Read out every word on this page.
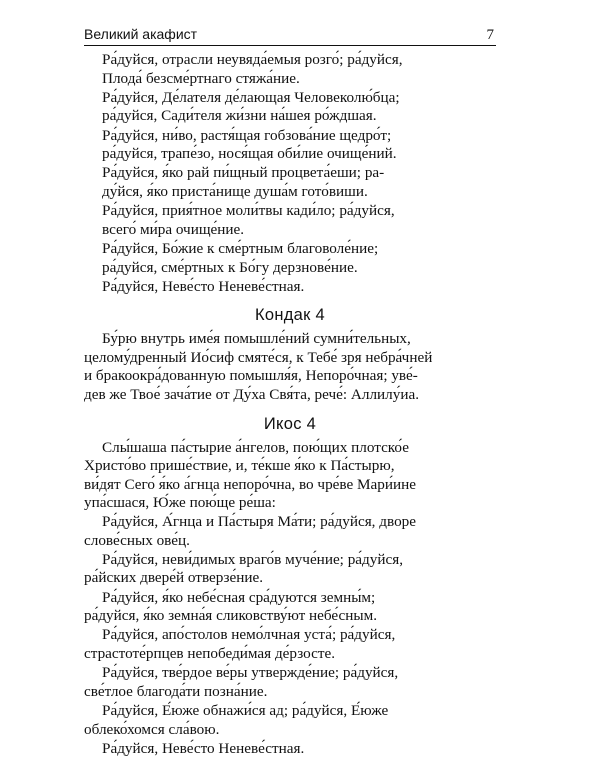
Великий акафист	7

Ра́дуйся, отрасли неувяда́емыя розго́; ра́дуйся,
Плода́ безсме́ртнаго стяжа́ние.

Ра́дуйся, Де́лателя де́лающая Человеколю́бца;
ра́дуйся, Сади́теля жи́зни на́шея ро́ждшая.

Ра́дуйся, ни́во, растя́щая гобзова́ние щедро́т;
ра́дуйся, трапе́зо, нося́щая оби́лие очище́ний.

Ра́дуйся, я́ко рай пи́щный процвета́еши; ра-
ду́йся, я́ко приста́нище душа́м гото́виши.

Ра́дуйся, прия́тное моли́твы кади́ло; ра́дуйся,
всего́ ми́ра очище́ние.

Ра́дуйся, Бо́жие к сме́ртным благоволе́ние;
ра́дуйся, сме́ртных к Бо́гу дерзнове́ние.

Ра́дуйся, Неве́сто Неневе́стная.

Кондак 4

Бу́рю внутрь име́я помышле́ний сумни́тельных,
целому́дренный Ио́сиф смяте́ся, к Тебе́ зря небра́чней
и бракоокра́дованную помышля́я, Непоро́чная; уве́-
дев же Твое́ зача́тие от Ду́ха Свя́та, рече́: Аллилу́иа.

Икос 4

Слы́шаша па́стырие а́нгелов, пою́щих плотско́е
Христо́во прише́ствие, и, те́кше я́ко к Па́стырю,
ви́дят Сего́ я́ко а́гнца непоро́чна, во чре́ве Мари́ине
упа́сшася, Ю́же пою́ще ре́ша:

Ра́дуйся, А́гнца и Па́стыря Ма́ти; ра́дуйся, дворе
слове́сных ове́ц.

Ра́дуйся, неви́димых враго́в муче́ние; ра́дуйся,
ра́йских двере́й отверзе́ние.

Ра́дуйся, я́ко небе́сная сра́дуются земны́м;
ра́дуйся, я́ко земна́я сликовству́ют небе́сным.

Ра́дуйся, апо́столов немо́лчная уста́; ра́дуйся,
страстоте́рпцев непобеди́мая де́рзосте.

Ра́дуйся, тве́рдое ве́ры утвержде́ние; ра́дуйся,
све́тлое благода́ти позна́ние.

Ра́дуйся, Е́юже обнажи́ся ад; ра́дуйся, Е́юже
облеко́хомся сла́вою.

Ра́дуйся, Неве́сто Неневе́стная.
